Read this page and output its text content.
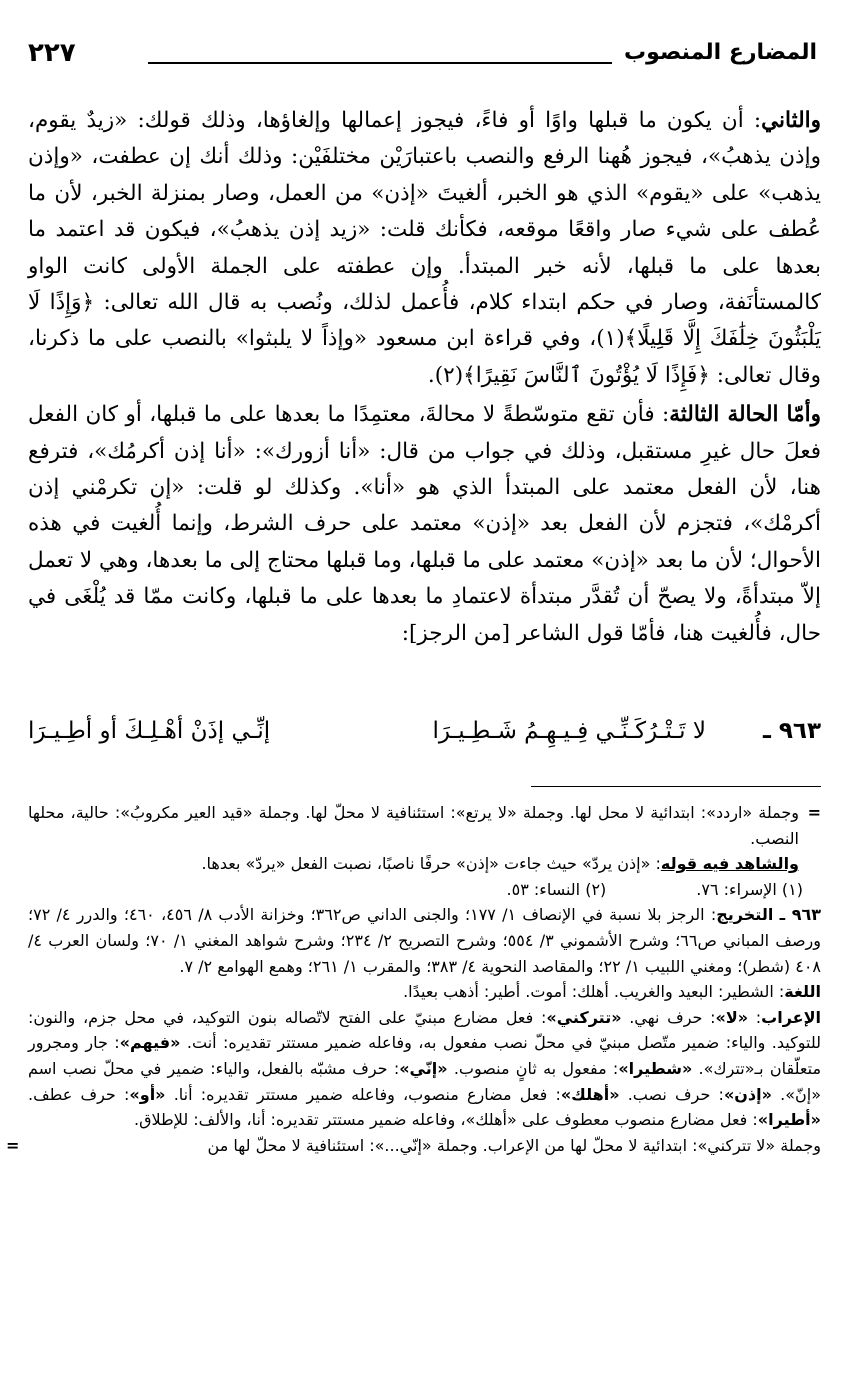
المضارع المنصوب
٢٢٧

والثاني: أن يكون ما قبلها واوًا أو فاءً، فيجوز إعمالها وإلغاؤها، وذلك قولك: «زيدٌ يقوم، وإذن يذهبُ»، فيجوز هُهنا الرفع والنصب باعتبارَيْن مختلفَيْن: وذلك أنك إن عطفت، «وإذن يذهب» على «يقوم» الذي هو الخبر، ألغيتَ «إذن» من العمل، وصار بمنزلة الخبر، لأن ما عُطف على شيء صار واقعًا موقعه، فكأنك قلت: «زيد إذن يذهبُ»، فيكون قد اعتمد ما بعدها على ما قبلها، لأنه خبر المبتدأ. وإن عطفته على الجملة الأولى كانت الواو كالمستأنَفة، وصار في حكم ابتداء كلام، فأُعمل لذلك، ونُصب به قال الله تعالى: ﴿وَإِذًا لَا يَلْبَثُونَ خِلَٰفَكَ إِلَّا قَلِيلًا﴾(١)، وفي قراءة ابن مسعود «وإذاً لا يلبثوا» بالنصب على ما ذكرنا، وقال تعالى: ﴿فَإِذًا لَا يُؤْتُونَ ٱلنَّاسَ نَقِيرًا﴾(٢).

وأمّا الحالة الثالثة: فأن تقع متوسّطةً لا محالةَ، معتمِدًا ما بعدها على ما قبلها، أو كان الفعل فعلَ حال غيرِ مستقبل، وذلك في جواب من قال: «أنا أزورك»: «أنا إذن أكرمُك»، فترفع هنا، لأن الفعل معتمد على المبتدأ الذي هو «أنا». وكذلك لو قلت: «إن تكرمْني إذن أكرمْك»، فتجزم لأن الفعل بعد «إذن» معتمد على حرف الشرط، وإنما أُلغيت في هذه الأحوال؛ لأن ما بعد «إذن» معتمد على ما قبلها، وما قبلها محتاج إلى ما بعدها، وهي لا تعمل إلاّ مبتدأةً، ولا يصحّ أن تُقدَّر مبتدأة لاعتمادِ ما بعدها على ما قبلها، وكانت ممّا قد يُلْغَى في حال، فأُلغيت هنا، فأمّا قول الشاعر [من الرجز]:

٩٦٣ ـ
لا تَـتْـرُكَـنِّـي فِـيـهِـمُ شَـطِـيـرَا
إنِّـي إذَنْ أهْـلِـكَ أو أطِـيـرَا

=
وجملة «اردد»: ابتدائية لا محل لها. وجملة «لا يرتع»: استئنافية لا محلّ لها. وجملة «قيد العير مكروبُ»: حالية، محلها النصب.

والشاهد فيه قوله: «إذن يردّ» حيث جاءت «إذن» حرفًا ناصبًا، نصبت الفعل «يردّ» بعدها.

(١) الإسراء: ٧٦.
(٢) النساء: ٥٣.

٩٦٣ ـ التخريج: الرجز بلا نسبة في الإنصاف ١/ ١٧٧؛ والجنى الداني ص٣٦٢؛ وخزانة الأدب ٨/ ٤٥٦، ٤٦٠؛ والدرر ٤/ ٧٢؛ ورصف المباني ص٦٦؛ وشرح الأشموني ٣/ ٥٥٤؛ وشرح التصريح ٢/ ٢٣٤؛ وشرح شواهد المغني ١/ ٧٠؛ ولسان العرب ٤/ ٤٠٨ (شطر)؛ ومغني اللبيب ١/ ٢٢؛ والمقاصد النحوية ٤/ ٣٨٣؛ والمقرب ١/ ٢٦١؛ وهمع الهوامع ٢/ ٧.

اللغة: الشطير: البعيد والغريب. أهلك: أموت. أطير: أذهب بعيدًا.

الإعراب: «لا»: حرف نهي. «تتركني»: فعل مضارع مبنيّ على الفتح لاتّصاله بنون التوكيد، في محل جزم، والنون: للتوكيد. والياء: ضمير متّصل مبنيّ في محلّ نصب مفعول به، وفاعله ضمير مستتر تقديره: أنت. «فيهم»: جار ومجرور متعلّقان بـ«تترك». «شطيرا»: مفعول به ثانٍ منصوب. «إنّي»: حرف مشبّه بالفعل، والياء: ضمير في محلّ نصب اسم «إنّ». «إذن»: حرف نصب. «أهلك»: فعل مضارع منصوب، وفاعله ضمير مستتر تقديره: أنا. «أو»: حرف عطف. «أطيرا»: فعل مضارع منصوب معطوف على «أهلك»، وفاعله ضمير مستتر تقديره: أنا، والألف: للإطلاق.

وجملة «لا تتركني»: ابتدائية لا محلّ لها من الإعراب. وجملة «إنّي...»: استئنافية لا محلّ لها من
=
